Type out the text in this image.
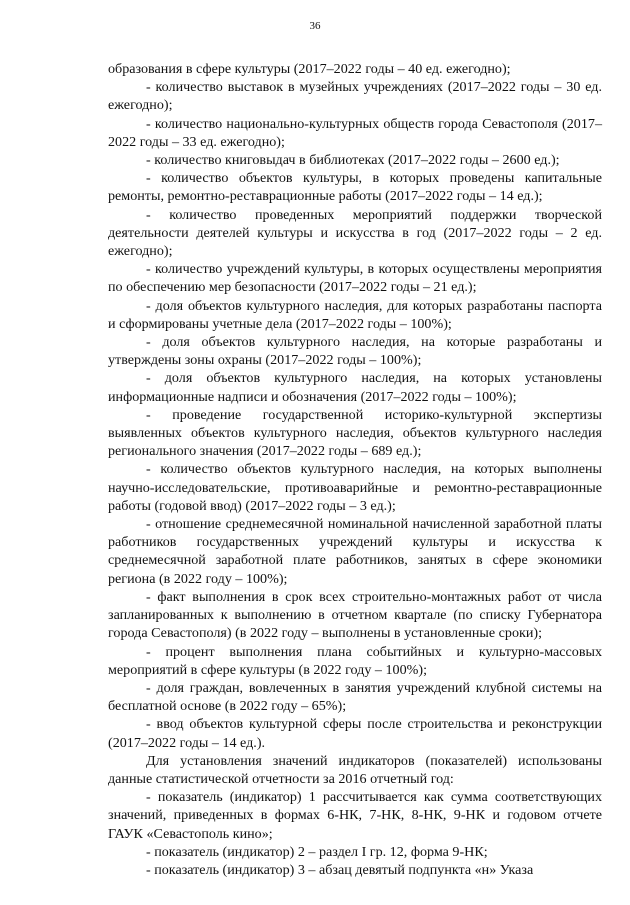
36

образования в сфере культуры (2017–2022 годы – 40 ед. ежегодно);

- количество выставок в музейных учреждениях (2017–2022 годы – 30 ед. ежегодно);

- количество национально-культурных обществ города Севастополя (2017–2022 годы – 33 ед. ежегодно);

- количество книговыдач в библиотеках (2017–2022 годы – 2600 ед.);

- количество объектов культуры, в которых проведены капитальные ремонты, ремонтно-реставрационные работы (2017–2022 годы – 14 ед.);

- количество проведенных мероприятий поддержки творческой деятельности деятелей культуры и искусства в год (2017–2022 годы – 2 ед. ежегодно);

- количество учреждений культуры, в которых осуществлены мероприятия по обеспечению мер безопасности (2017–2022 годы – 21 ед.);

- доля объектов культурного наследия, для которых разработаны паспорта и сформированы учетные дела (2017–2022 годы – 100%);

- доля объектов культурного наследия, на которые разработаны и утверждены зоны охраны (2017–2022 годы – 100%);

- доля объектов культурного наследия, на которых установлены информационные надписи и обозначения (2017–2022 годы – 100%);

- проведение государственной историко-культурной экспертизы выявленных объектов культурного наследия, объектов культурного наследия регионального значения (2017–2022 годы – 689 ед.);

- количество объектов культурного наследия, на которых выполнены научно-исследовательские, противоаварийные и ремонтно-реставрационные работы (годовой ввод) (2017–2022 годы – 3 ед.);

- отношение среднемесячной номинальной начисленной заработной платы работников государственных учреждений культуры и искусства к среднемесячной заработной плате работников, занятых в сфере экономики региона (в 2022 году – 100%);

- факт выполнения в срок всех строительно-монтажных работ от числа запланированных к выполнению в отчетном квартале (по списку Губернатора города Севастополя) (в 2022 году – выполнены в установленные сроки);

- процент выполнения плана событийных и культурно-массовых мероприятий в сфере культуры (в 2022 году – 100%);

- доля граждан, вовлеченных в занятия учреждений клубной системы на бесплатной основе (в 2022 году – 65%);

- ввод объектов культурной сферы после строительства и реконструкции (2017–2022 годы – 14 ед.).

Для установления значений индикаторов (показателей) использованы данные статистической отчетности за 2016 отчетный год:

- показатель (индикатор) 1 рассчитывается как сумма соответствующих значений, приведенных в формах 6-НК, 7-НК, 8-НК, 9-НК и годовом отчете ГАУК «Севастополь кино»;

- показатель (индикатор) 2 – раздел I гр. 12, форма 9-НК;

- показатель (индикатор) 3 – абзац девятый подпункта «н» Указа
